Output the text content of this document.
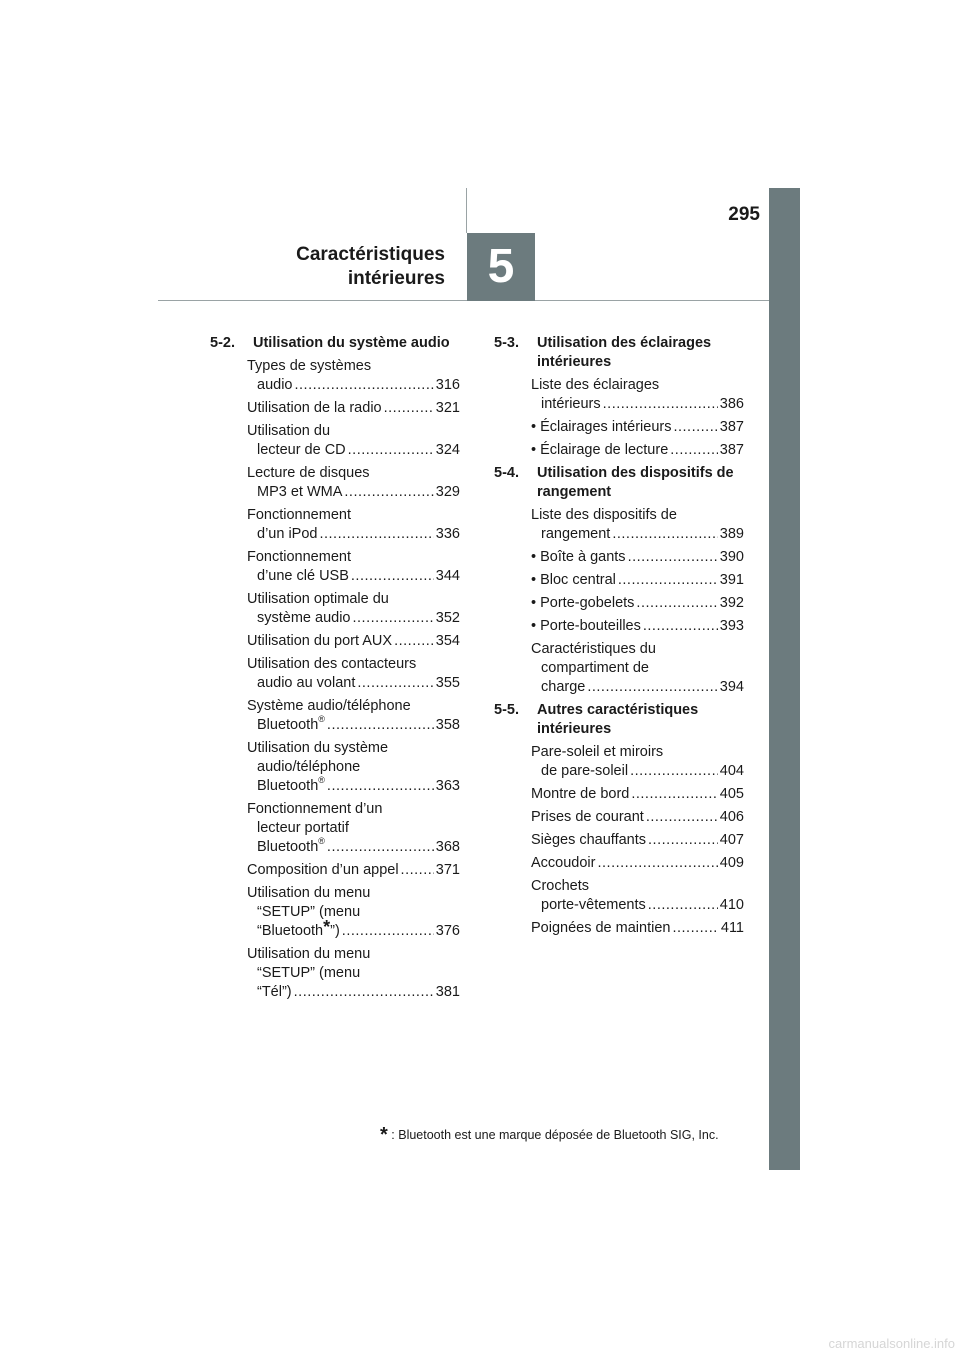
295
Caractéristiques
intérieures 5
5-2. Utilisation du système audio
Types de systèmes
audio .....	316
Utilisation de la radio .....	321
Utilisation du
lecteur de CD .....	324
Lecture de disques
MP3 et WMA .....	329
Fonctionnement
d’un iPod .....	336
Fonctionnement
d’une clé USB .....	344
Utilisation optimale du
système audio .....	352
Utilisation du port AUX .....	354
Utilisation des contacteurs
audio au volant .....	355
Système audio/téléphone
Bluetooth® .....	358
Utilisation du système
audio/téléphone
Bluetooth® .....	363
Fonctionnement d’un
lecteur portatif
Bluetooth® .....	368
Composition d’un appel .....	371
Utilisation du menu
“SETUP” (menu
“Bluetooth*”) .....	376
Utilisation du menu
“SETUP” (menu
“Tél”) .....	381
5-3. Utilisation des éclairages
intérieures
Liste des éclairages
intérieurs .....	386
• Éclairages intérieurs .....	387
• Éclairage de lecture .....	387
5-4. Utilisation des dispositifs de
rangement
Liste des dispositifs de
rangement .....	389
• Boîte à gants .....	390
• Bloc central .....	391
• Porte-gobelets .....	392
• Porte-bouteilles .....	393
Caractéristiques du
compartiment de
charge .....	394
5-5. Autres caractéristiques
intérieures
Pare-soleil et miroirs
de pare-soleil .....	404
Montre de bord .....	405
Prises de courant .....	406
Sièges chauffants .....	407
Accoudoir .....	409
Crochets
porte-vêtements .....	410
Poignées de maintien .....	411
* : Bluetooth est une marque déposée de Bluetooth SIG, Inc.
carmanualsonline.info
